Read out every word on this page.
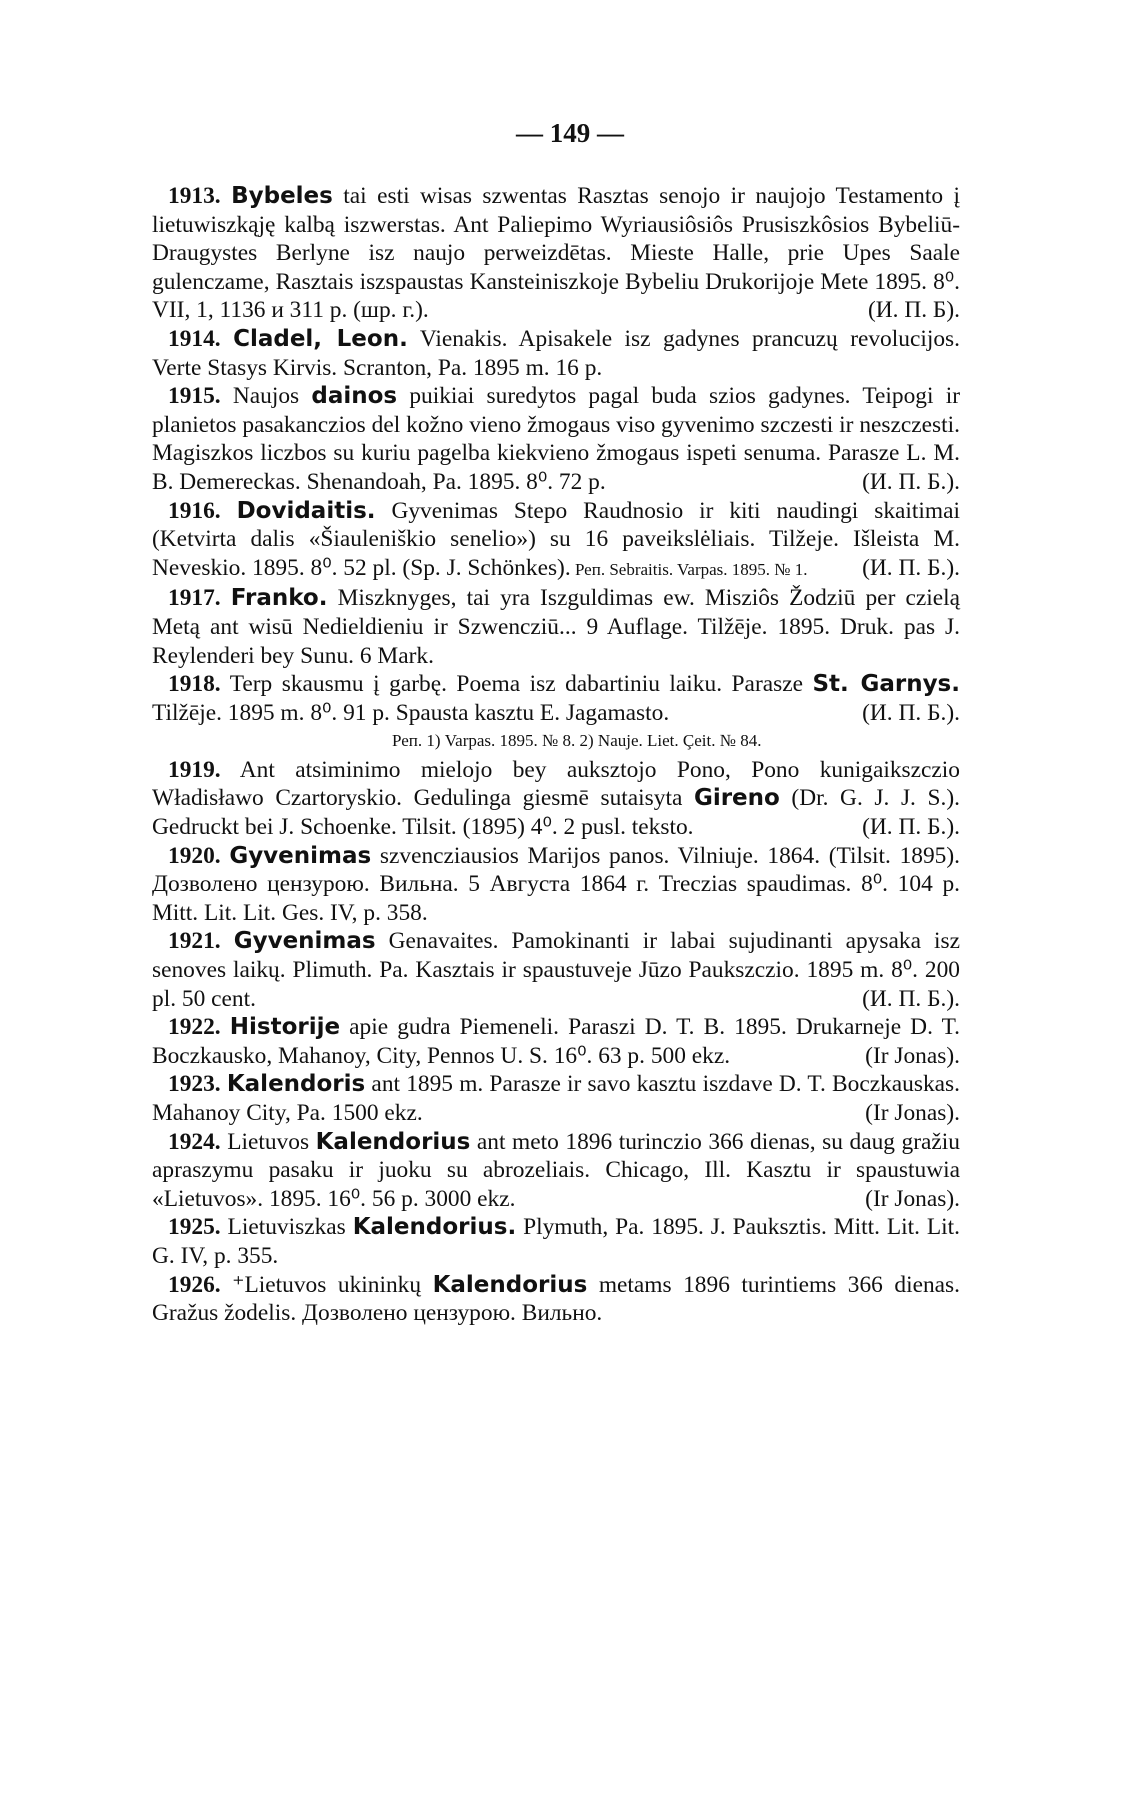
— 149 —

1913. Bybeles tai esti wisas szwentas Rasztas senojo ir naujojo Testamento į lietuwiszkąję kalbą iszwerstas. Ant Paliepimo Wyriausiôsiôs Prusiszkôsios Bybeliū-Draugystes Berlyne isz naujo perweizdētas. Mieste Halle, prie Upes Saale gulenczame, Rasztais iszspaustas Kansteiniszkoje Bybeliu Drukorijoje Mete 1895. 8⁰. VII, 1, 1136 и 311 p. (шр. г.).	(И. П. Б).

1914. Cladel, Leon. Vienakis. Apisakele isz gadynes prancuzų revolucijos. Verte Stasys Kirvis. Scranton, Pa. 1895 m. 16 p.

1915. Naujos dainos puikiai suredytos pagal buda szios gadynes. Teipogi ir planietos pasakanczios del kožno vieno žmogaus viso gyvenimo szczesti ir neszczesti. Magiszkos liczbos su kuriu pagelba kiekvieno žmogaus ispeti senuma. Parasze L. M. B. Demereckas. Shenandoah, Pa. 1895. 8⁰. 72 p.	(И. П. Б.).

1916. Dovidaitis. Gyvenimas Stepo Raudnosio ir kiti naudingi skaitimai (Ketvirta dalis «Šiauleniškio senelio») su 16 paveikslėliais. Tilžeje. Išleista M. Neveskio. 1895. 8⁰. 52 pl. (Sp. J. Schönkes). Реп. Sebraitis. Varpas. 1895. № 1.	(И. П. Б.).

1917. Franko. Miszknyges, tai yra Iszguldimas ew. Misziôs Žodziū per czielą Metą ant wisū Nedieldieniu ir Szwencziū... 9 Auflage. Tilžēje. 1895. Druk. pas J. Reylenderi bey Sunu. 6 Mark.

1918. Terp skausmu į garbę. Poema isz dabartiniu laiku. Parasze St. Garnys. Tilžēje. 1895 m. 8⁰. 91 p. Spausta kasztu E. Jagamasto.	(И. П. Б.).
Реп. 1) Varpas. 1895. № 8. 2) Nauje. Liet. Çeit. № 84.

1919. Ant atsiminimo mielojo bey auksztojo Pono, Pono kunigaikszczio Władisławo Czartoryskio. Gedulinga giesmē sutaisyta Gireno (Dr. G. J. J. S.). Gedruckt bei J. Schoenke. Tilsit. (1895) 4⁰. 2 pusl. teksto.	(И. П. Б.).

1920. Gyvenimas szvencziausios Marijos panos. Vilniuje. 1864. (Tilsit. 1895). Дозволено цензурою. Вильна. 5 Августа 1864 г. Treczias spaudimas. 8⁰. 104 p. Mitt. Lit. Lit. Ges. IV, p. 358.

1921. Gyvenimas Genavaites. Pamokinanti ir labai sujudinanti apysaka isz senoves laikų. Plimuth. Pa. Kasztais ir spaustuveje Jūzo Paukszczio. 1895 m. 8⁰. 200 pl. 50 cent.	(И. П. Б.).

1922. Historije apie gudra Piemeneli. Paraszi D. T. B. 1895. Drukarneje D. T. Boczkausko, Mahanoy, City, Pennos U. S. 16⁰. 63 p. 500 ekz.	(Ir Jonas).

1923. Kalendoris ant 1895 m. Parasze ir savo kasztu iszdave D. T. Boczkauskas. Mahanoy City, Pa. 1500 ekz.	(Ir Jonas).

1924. Lietuvos Kalendorius ant meto 1896 turinczio 366 dienas, su daug gražiu apraszymu pasaku ir juoku su abrozeliais. Chicago, Ill. Kasztu ir spaustuwia «Lietuvos». 1895. 16⁰. 56 p. 3000 ekz.	(Ir Jonas).

1925. Lietuviszkas Kalendorius. Plymuth, Pa. 1895. J. Pauksztis. Mitt. Lit. Lit. G. IV, p. 355.

1926. ⁺Lietuvos ukininkų Kalendorius metams 1896 turintiems 366 dienas. Gražus žodelis. Дозволено цензурою. Вильно.
